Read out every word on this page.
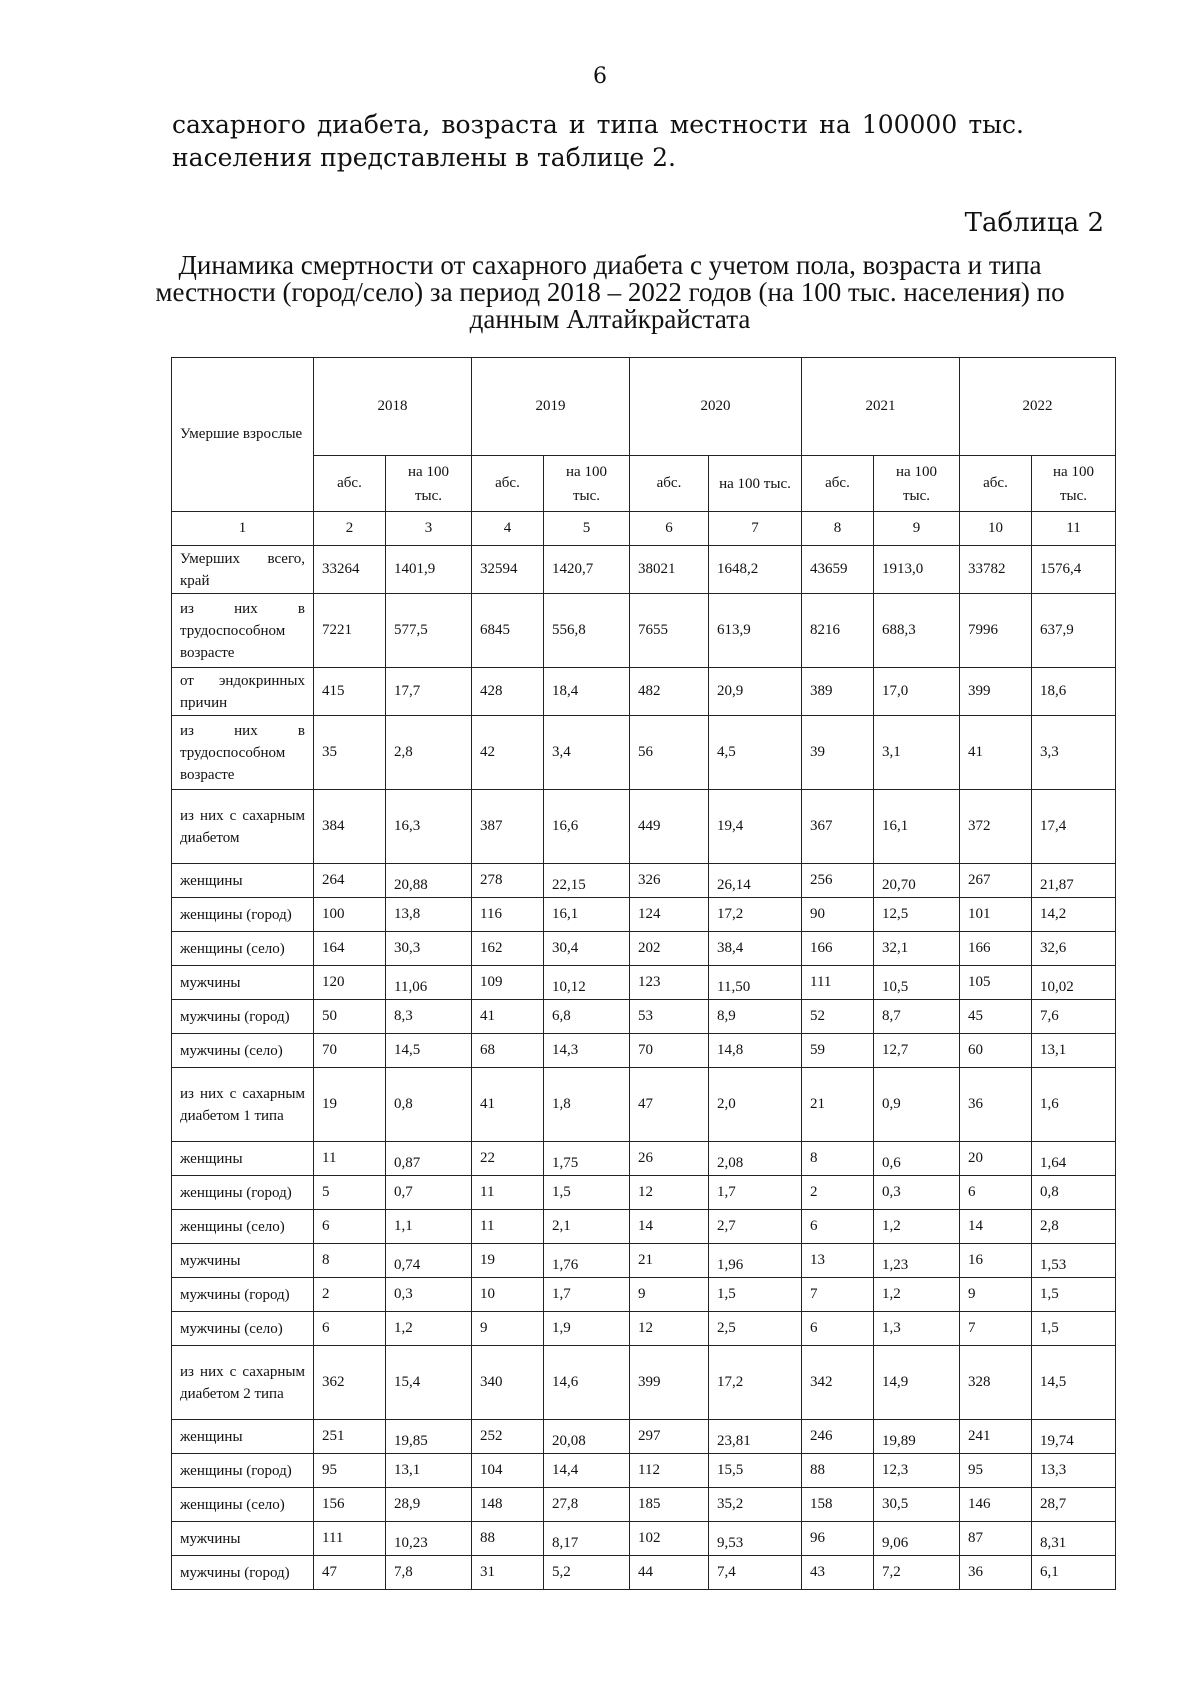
6
сахарного диабета, возраста и типа местности на 100000 тыс. населения представлены в таблице 2.
Таблица 2
Динамика смертности от сахарного диабета с учетом пола, возраста и типа местности (город/село) за период 2018 – 2022 годов (на 100 тыс. населения) по данным Алтайкрайстата
Умершие взрослые	2018		2019		2020		2021		2022	
	абс.	на 100 тыс.	абс.	на 100 тыс.	абс.	на 100 тыс.	абс.	на 100 тыс.	абс.	на 100 тыс.
1	2	3	4	5	6	7	8	9	10	11
Умерших всего, край	33264	1401,9	32594	1420,7	38021	1648,2	43659	1913,0	33782	1576,4
из них в трудоспособном возрасте	7221	577,5	6845	556,8	7655	613,9	8216	688,3	7996	637,9
от эндокринных причин	415	17,7	428	18,4	482	20,9	389	17,0	399	18,6
из них в трудоспособном возрасте	35	2,8	42	3,4	56	4,5	39	3,1	41	3,3
из них с сахарным диабетом	384	16,3	387	16,6	449	19,4	367	16,1	372	17,4
женщины	264	20,88	278	22,15	326	26,14	256	20,70	267	21,87
женщины (город)	100	13,8	116	16,1	124	17,2	90	12,5	101	14,2
женщины (село)	164	30,3	162	30,4	202	38,4	166	32,1	166	32,6
мужчины	120	11,06	109	10,12	123	11,50	111	10,5	105	10,02
мужчины (город)	50	8,3	41	6,8	53	8,9	52	8,7	45	7,6
мужчины (село)	70	14,5	68	14,3	70	14,8	59	12,7	60	13,1
из них с сахарным диабетом 1 типа	19	0,8	41	1,8	47	2,0	21	0,9	36	1,6
женщины	11	0,87	22	1,75	26	2,08	8	0,6	20	1,64
женщины (город)	5	0,7	11	1,5	12	1,7	2	0,3	6	0,8
женщины (село)	6	1,1	11	2,1	14	2,7	6	1,2	14	2,8
мужчины	8	0,74	19	1,76	21	1,96	13	1,23	16	1,53
мужчины (город)	2	0,3	10	1,7	9	1,5	7	1,2	9	1,5
мужчины (село)	6	1,2	9	1,9	12	2,5	6	1,3	7	1,5
из них с сахарным диабетом 2 типа	362	15,4	340	14,6	399	17,2	342	14,9	328	14,5
женщины	251	19,85	252	20,08	297	23,81	246	19,89	241	19,74
женщины (город)	95	13,1	104	14,4	112	15,5	88	12,3	95	13,3
женщины (село)	156	28,9	148	27,8	185	35,2	158	30,5	146	28,7
мужчины	111	10,23	88	8,17	102	9,53	96	9,06	87	8,31
мужчины (город)	47	7,8	31	5,2	44	7,4	43	7,2	36	6,1
